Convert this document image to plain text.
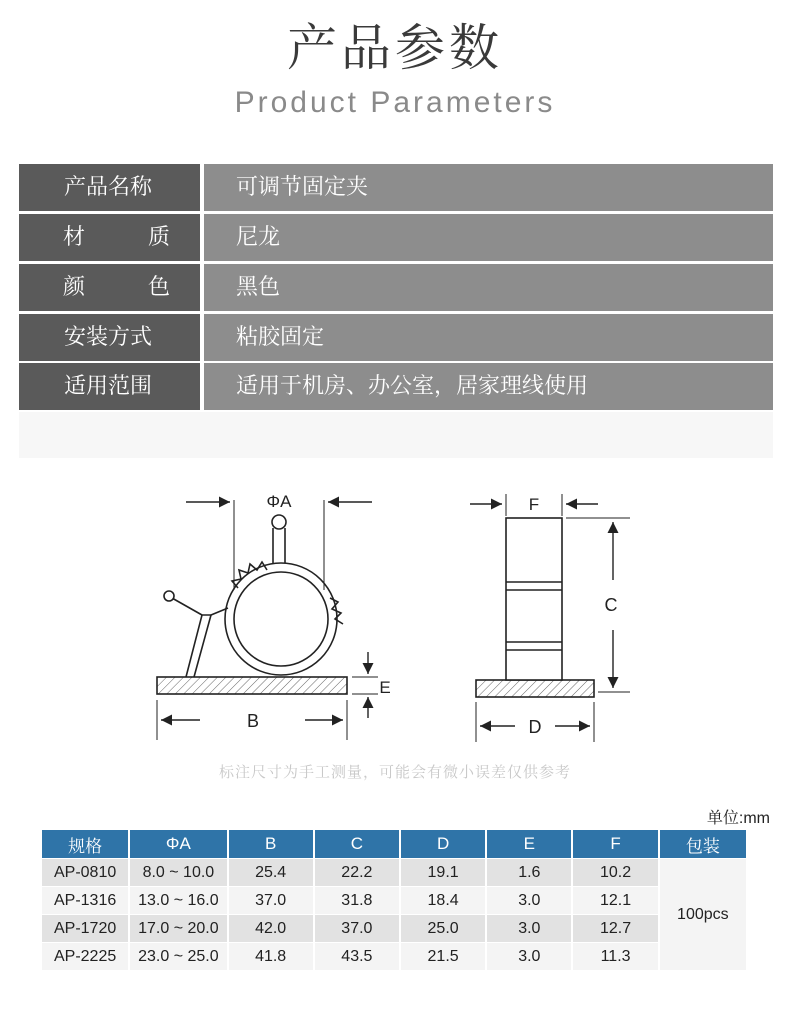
产品参数
Product Parameters
产品名称	可调节固定夹
材	质	尼龙
颜	色	黑色
安装方式	粘胶固定
适用范围	适用于机房、办公室，居家理线使用
ΦA
B
E
F
C
D
标注尺寸为手工测量，可能会有微小误差仅供参考
单位:mm
规格	ΦA	B	C	D	E	F	包装
AP-0810	8.0 ~ 10.0	25.4	22.2	19.1	1.6	10.2	100pcs
AP-1316	13.0 ~ 16.0	37.0	31.8	18.4	3.0	12.1	
AP-1720	17.0 ~ 20.0	42.0	37.0	25.0	3.0	12.7	
AP-2225	23.0 ~ 25.0	41.8	43.5	21.5	3.0	11.3	
